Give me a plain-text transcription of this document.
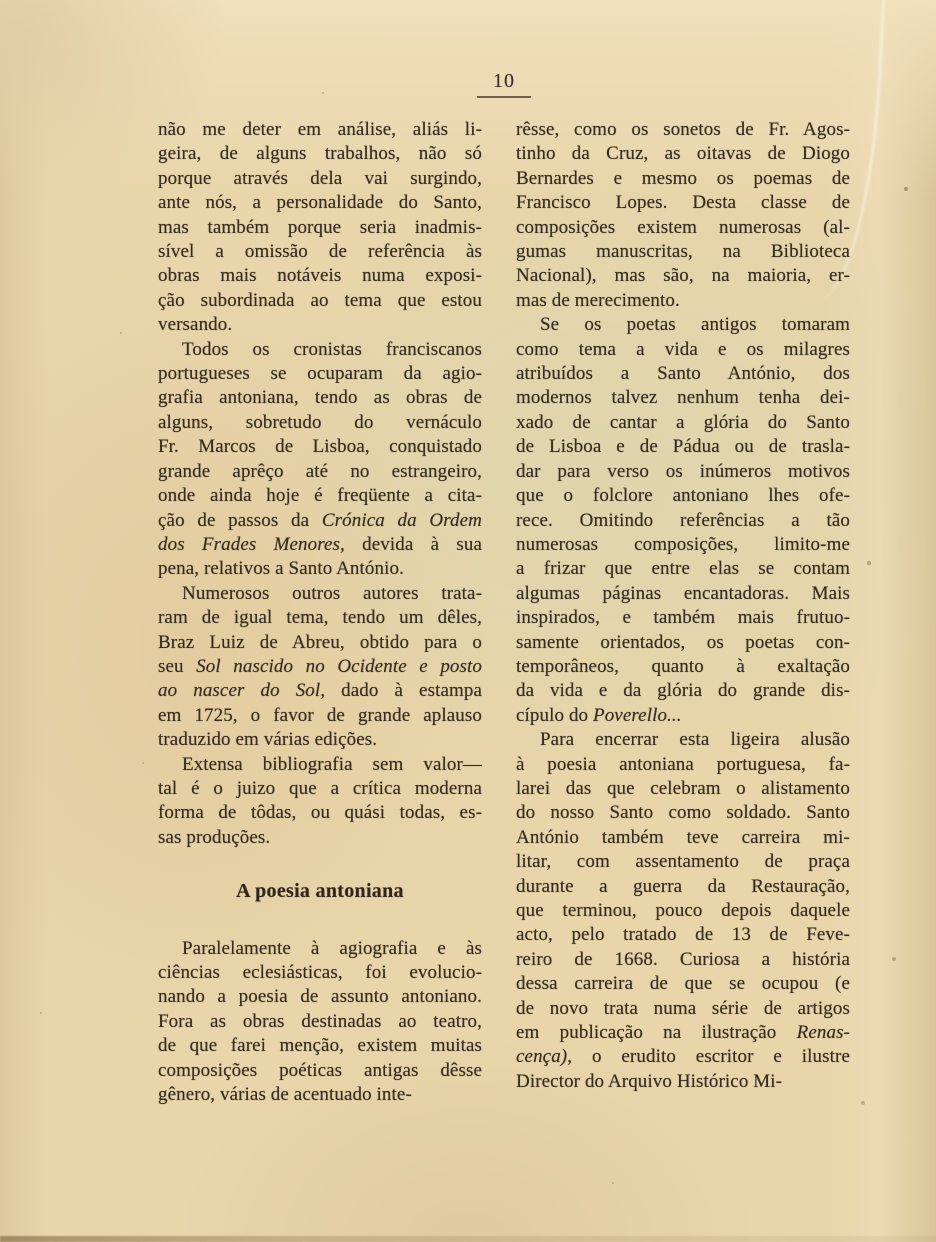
10
não me deter em análise, aliás li-
geira, de alguns trabalhos, não só
porque através dela vai surgindo,
ante nós, a personalidade do Santo,
mas também porque seria inadmis-
sível a omissão de referência às
obras mais notáveis numa exposi-
ção subordinada ao tema que estou
versando.
Todos os cronistas franciscanos
portugueses se ocuparam da agio-
grafia antoniana, tendo as obras de
alguns, sobretudo do vernáculo
Fr. Marcos de Lisboa, conquistado
grande aprêço até no estrangeiro,
onde ainda hoje é freqüente a cita-
ção de passos da Crónica da Ordem
dos Frades Menores, devida à sua
pena, relativos a Santo António.
Numerosos outros autores trata-
ram de igual tema, tendo um dêles,
Braz Luiz de Abreu, obtido para o
seu Sol nascido no Ocidente e posto
ao nascer do Sol, dado à estampa
em 1725, o favor de grande aplauso
traduzido em várias edições.
Extensa bibliografia sem valor—
tal é o juizo que a crítica moderna
forma de tôdas, ou quási todas, es-
sas produções.
A poesia antoniana
Paralelamente à agiografia e às
ciências eclesiásticas, foi evolucio-
nando a poesia de assunto antoniano.
Fora as obras destinadas ao teatro,
de que farei menção, existem muitas
composições poéticas antigas dêsse
gênero, várias de acentuado inte-
rêsse, como os sonetos de Fr. Agos-
tinho da Cruz, as oitavas de Diogo
Bernardes e mesmo os poemas de
Francisco Lopes. Desta classe de
composições existem numerosas (al-
gumas manuscritas, na Biblioteca
Nacional), mas são, na maioria, er-
mas de merecimento.
Se os poetas antigos tomaram
como tema a vida e os milagres
atribuídos a Santo António, dos
modernos talvez nenhum tenha dei-
xado de cantar a glória do Santo
de Lisboa e de Pádua ou de trasla-
dar para verso os inúmeros motivos
que o folclore antoniano lhes ofe-
rece. Omitindo referências a tão
numerosas composições, limito-me
a frizar que entre elas se contam
algumas páginas encantadoras. Mais
inspirados, e também mais frutuo-
samente orientados, os poetas con-
temporâneos, quanto à exaltação
da vida e da glória do grande dis-
cípulo do Poverello...
Para encerrar esta ligeira alusão
à poesia antoniana portuguesa, fa-
larei das que celebram o alistamento
do nosso Santo como soldado. Santo
António também teve carreira mi-
litar, com assentamento de praça
durante a guerra da Restauração,
que terminou, pouco depois daquele
acto, pelo tratado de 13 de Feve-
reiro de 1668. Curiosa a história
dessa carreira de que se ocupou (e
de novo trata numa série de artigos
em publicação na ilustração Renas-
cença), o erudito escritor e ilustre
Director do Arquivo Histórico Mi-
